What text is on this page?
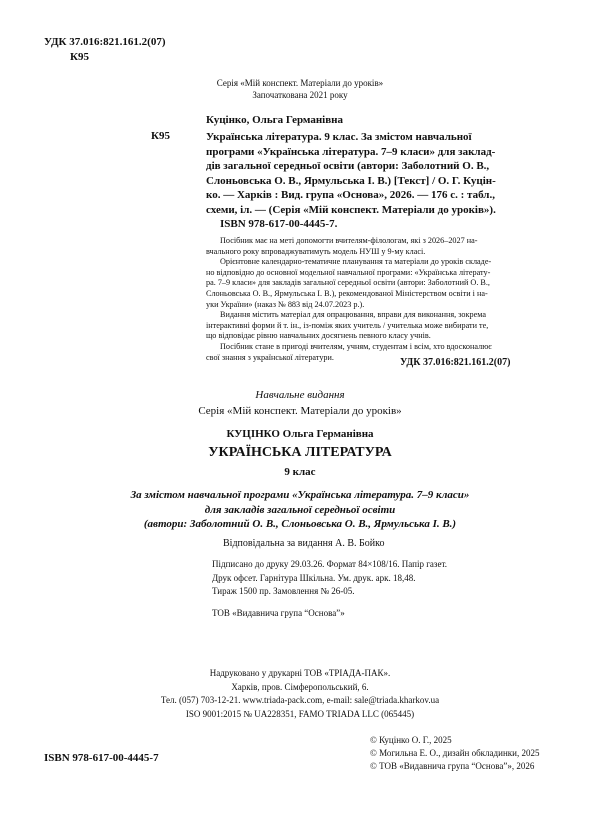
УДК 37.016:821.161.2(07)
К95
Серія «Мій конспект. Матеріали до уроків»
Започаткована 2021 року
Куцінко, Ольга Германівна
К95	Українська література. 9 клас. За змістом навчальної
програми «Українська література. 7–9 класи» для заклад-
дів загальної середньої освіти (автори: Заболотний О. В.,
Слоньовська О. В., Ярмульська І. В.) [Текст] / О. Г. Куцін-
ко. — Харків : Вид. група «Основа», 2026. — 176 с. : табл.,
схеми, іл. — (Серія «Мій конспект. Матеріали до уроків»).
ISBN 978-617-00-4445-7.
Посібник має на меті допомогти вчителям-філологам, які з 2026–2027 на-
вчального року впроваджуватимуть модель НУШ у 9-му класі.
Орієнтовне календарно-тематичне планування та матеріали до уроків складе-
но відповідно до основної модельної навчальної програми: «Українська літерату-
ра. 7–9 класи» для закладів загальної середньої освіти (автори: Заболотний О. В.,
Слоньовська О. В., Ярмульська І. В.), рекомендованої Міністерством освіти і на-
уки України» (наказ № 883 від 24.07.2023 р.).
Видання містить матеріал для опрацювання, вправи для виконання, зокрема
інтерактивні форми й т. ін., із-поміж яких учитель / учителька може вибирати те,
що відповідає рівню навчальних досягнень певного класу учнів.
Посібник стане в пригоді вчителям, учням, студентам і всім, хто вдосконалює
свої знання з української літератури.	УДК 37.016:821.161.2(07)
Навчальне видання
Серія «Мій конспект. Матеріали до уроків»
КУЦІНКО Ольга Германівна
УКРАЇНСЬКА ЛІТЕРАТУРА
9 клас
За змістом навчальної програми «Українська література. 7–9 класи»
для закладів загальної середньої освіти
(автори: Заболотний О. В., Слоньовська О. В., Ярмульська І. В.)
Відповідальна за видання А. В. Бойко
Підписано до друку 29.03.26. Формат 84×108/16. Папір газет.
Друк офсет. Гарнітура Шкільна. Ум. друк. арк. 18,48.
Тираж 1500 пр. Замовлення № 26-05.
ТОВ «Видавнича група “Основа”»
Надруковано у друкарні ТОВ «ТРІАДА-ПАК».
Харків, пров. Сімферопольський, 6.
Тел. (057) 703-12-21. www.triada-pack.com, e-mail: sale@triada.kharkov.ua
ISO 9001:2015 № UA228351, FAMO TRIADA LLC (065445)
ISBN 978-617-00-4445-7
© Куцінко О. Г., 2025
© Могильна Е. О., дизайн обкладинки, 2025
© ТОВ «Видавнича група “Основа”», 2026
